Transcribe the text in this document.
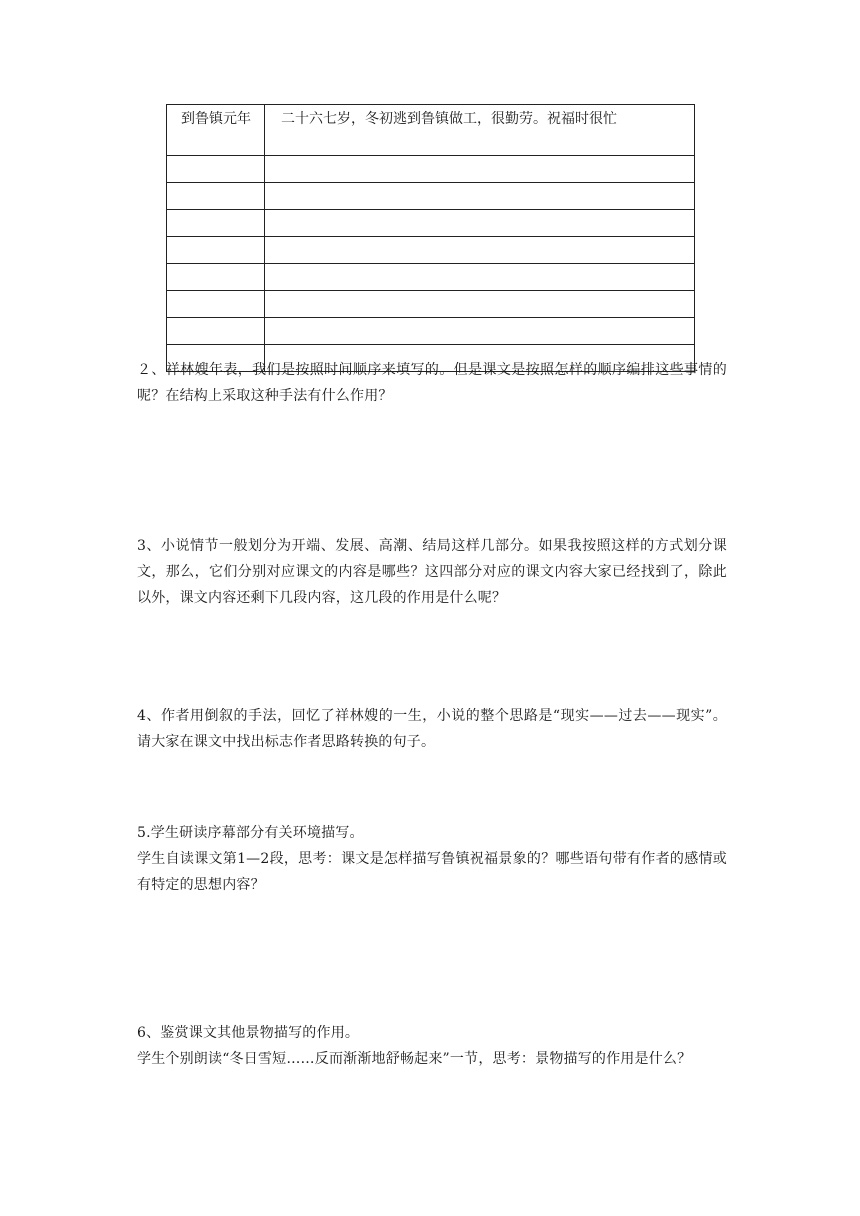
到鲁镇元年	二十六七岁，冬初逃到鲁镇做工，很勤劳。祝福时很忙

２、祥林嫂年表，我们是按照时间顺序来填写的。但是课文是按照怎样的顺序编排这些事情的呢？在结构上采取这种手法有什么作用？

3、小说情节一般划分为开端、发展、高潮、结局这样几部分。如果我按照这样的方式划分课文，那么，它们分别对应课文的内容是哪些？这四部分对应的课文内容大家已经找到了，除此以外，课文内容还剩下几段内容，这几段的作用是什么呢？

4、作者用倒叙的手法，回忆了祥林嫂的一生，小说的整个思路是“现实——过去——现实”。请大家在课文中找出标志作者思路转换的句子。

5.学生研读序幕部分有关环境描写。

学生自读课文第1—2段，思考：课文是怎样描写鲁镇祝福景象的？哪些语句带有作者的感情或有特定的思想内容？

6、鉴赏课文其他景物描写的作用。

学生个别朗读“冬日雪短……反而渐渐地舒畅起来”一节，思考：景物描写的作用是什么？
